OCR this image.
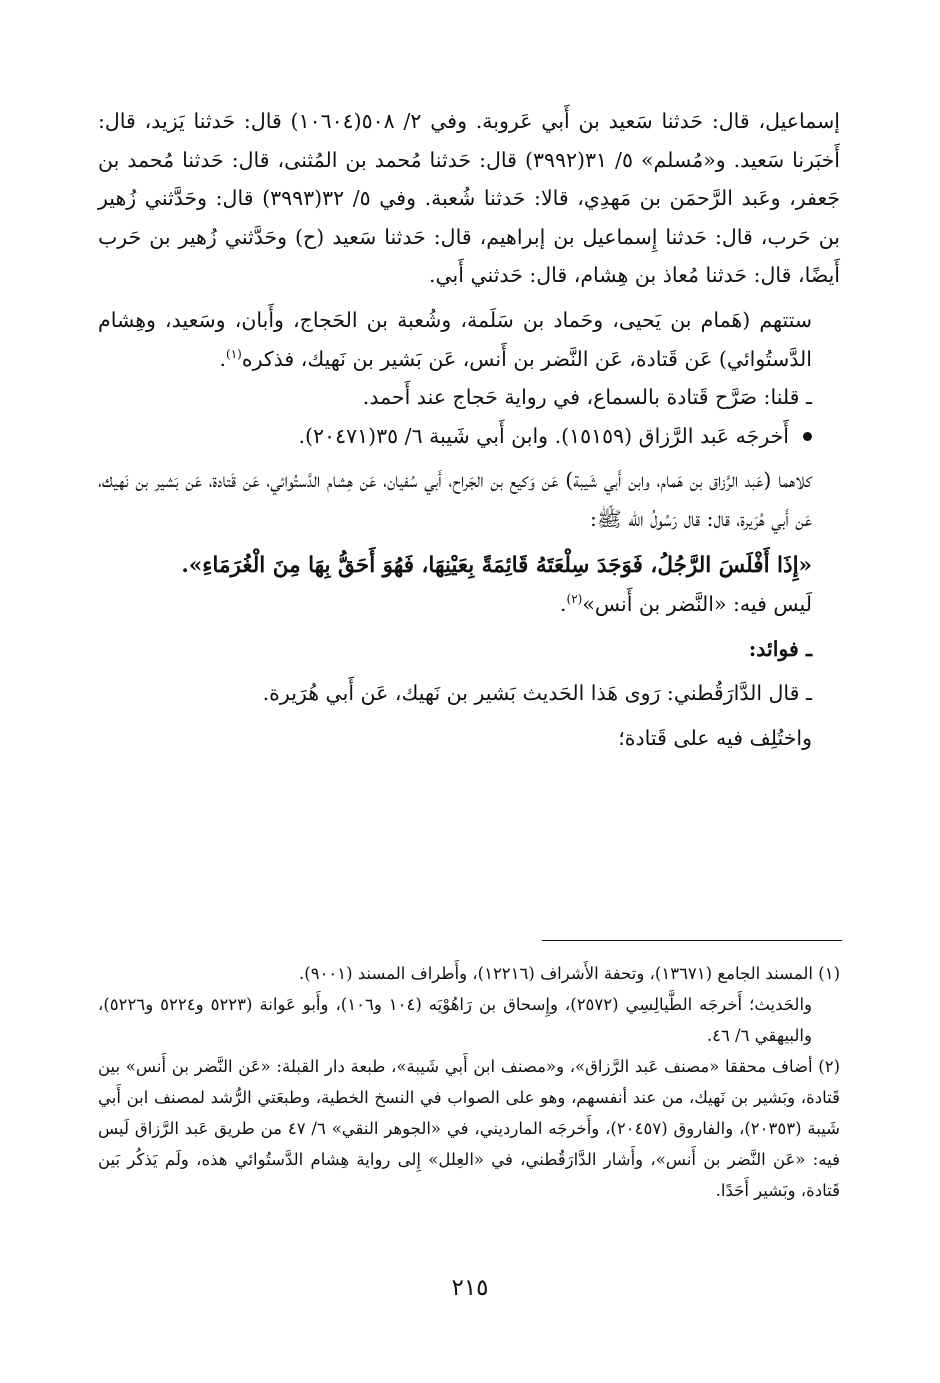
إسماعيل، قال: حَدثنا سَعيد بن أَبي عَروبة. وفي ٢/ ٥٠٨(١٠٦٠٤) قال: حَدثنا يَزيد، قال: أَخبَرنا سَعيد. و«مُسلم» ٥/ ٣١(٣٩٩٢) قال: حَدثنا مُحمد بن المُثنى، قال: حَدثنا مُحمد بن جَعفر، وعَبد الرَّحمَن بن مَهدِي، قالا: حَدثنا شُعبة. وفي ٥/ ٣٢(٣٩٩٣) قال: وحَدَّثني زُهير بن حَرب، قال: حَدثنا إِسماعيل بن إبراهيم، قال: حَدثنا سَعيد (ح) وحَدَّثني زُهير بن حَرب أَيضًا، قال: حَدثنا مُعاذ بن هِشام، قال: حَدثني أَبي.

ستتهم (هَمام بن يَحيى، وحَماد بن سَلَمة، وشُعبة بن الحَجاج، وأَبان، وسَعيد، وهِشام الدَّستُوائي) عَن قَتادة، عَن النَّضر بن أَنس، عَن بَشير بن نَهيك، فذكره$^{(١)}$.

ـ قلنا: صَرَّح قَتادة بالسماع، في رواية حَجاج عند أَحمد.

أَخرجَه عَبد الرَّزاق (١٥١٥٩). وابن أَبي شَيبة ٦/ ٣٥(٢٠٤٧١).

كلاهما (عَبد الرَّزاق بن هَمام، وابن أَبي شَيبة) عَن وَكيع بن الجَراح، أَبي سُفيان، عَن هِشام الدَّستُوائي، عَن قَتادة، عَن بَشير بن نَهيك، عَن أَبي هُرَيرة، قال: قال رَسُولُ الله ﷺ:

«إِذَا أَفْلَسَ الرَّجُلُ، فَوَجَدَ سِلْعَتَهُ قَائِمَةً بِعَيْنِهَا، فَهُوَ أَحَقُّ بِهَا مِنَ الْغُرَمَاءِ».

لَيس فيه: «النَّضر بن أَنس»$^{(٢)}$.

ـ فوائد:

ـ قال الدَّارَقُطني: رَوى هَذا الحَديث بَشير بن نَهيك، عَن أَبي هُرَيرة.

واختُلِف فيه على قَتادة؛

(١) المسند الجامع (١٣٦٧١)، وتحفة الأَشراف (١٢٢١٦)، وأَطراف المسند (٩٠٠١).

والحَديث؛ أَخرجَه الطَّيالِسِي (٢٥٧٢)، وإِسحاق بن رَاهُوْيَه (١٠٤ و١٠٦)، وأَبو عَوانة (٥٢٢٣ و٥٢٢٤ و٥٢٢٦)، والبيهقي ٦/ ٤٦.

(٢) أضاف محققا «مصنف عَبد الرَّزاق»، و«مصنف ابن أَبي شَيبة»، طبعة دار القبلة: «عَن النَّضر بن أَنس» بين قَتادة، وبَشير بن نَهيك، من عند أنفسهم، وهو على الصواب في النسخ الخطية، وطبعَتي الرُّشد لمصنف ابن أَبي شَيبة (٢٠٣٥٣)، والفاروق (٢٠٤٥٧)، وأَخرجَه المارديني، في «الجوهر النقي» ٦/ ٤٧ من طريق عَبد الرَّزاق لَيس فيه: «عَن النَّضر بن أَنس»، وأَشار الدَّارَقُطني، في «العِلل» إِلى رواية هِشام الدَّستُوائي هذه، ولَم يَذكُر بَين قَتادة، وبَشير أَحَدًا.

٢١٥
